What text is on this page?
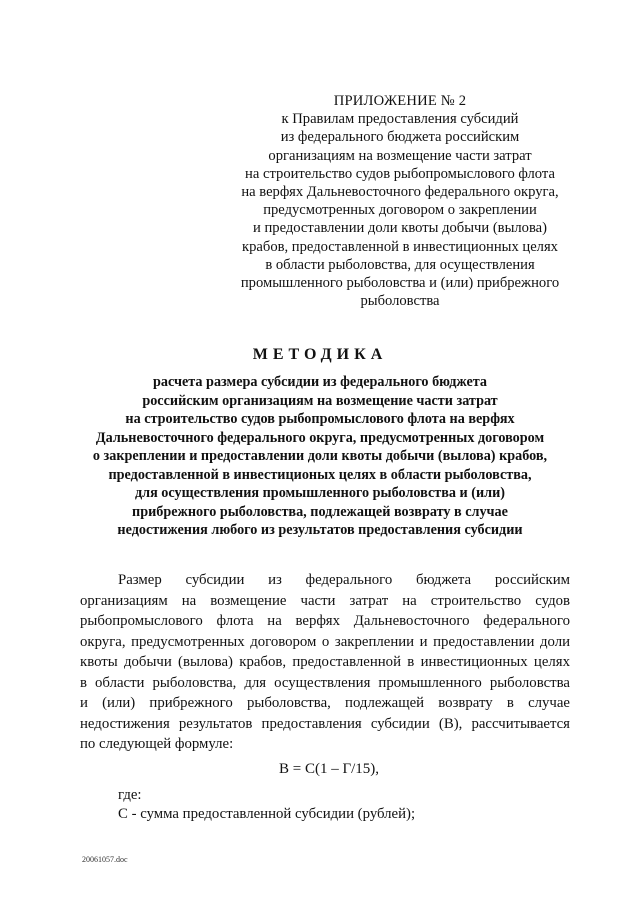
ПРИЛОЖЕНИЕ № 2
к Правилам предоставления субсидий
из федерального бюджета российским
организациям на возмещение части затрат
на строительство судов рыбопромыслового флота
на верфях Дальневосточного федерального округа,
предусмотренных договором о закреплении
и предоставлении доли квоты добычи (вылова)
крабов, предоставленной в инвестиционных целях
в области рыболовства, для осуществления
промышленного рыболовства и (или) прибрежного
рыболовства
МЕТОДИКА
расчета размера субсидии из федерального бюджета
российским организациям на возмещение части затрат
на строительство судов рыбопромыслового флота на верфях
Дальневосточного федерального округа, предусмотренных договором
о закреплении и предоставлении доли квоты добычи (вылова) крабов,
предоставленной в инвестиционых целях в области рыболовства,
для осуществления промышленного рыболовства и (или)
прибрежного рыболовства, подлежащей возврату в случае
недостижения любого из результатов предоставления субсидии
Размер субсидии из федерального бюджета российским
организациям на возмещение части затрат на строительство судов
рыбопромыслового флота на верфях Дальневосточного федерального
округа, предусмотренных договором о закреплении и предоставлении доли
квоты добычи (вылова) крабов, предоставленной в инвестиционных целях
в области рыболовства, для осуществления промышленного рыболовства
и (или) прибрежного рыболовства, подлежащей возврату в случае
недостижения результатов предоставления субсидии (В), рассчитывается
по следующей формуле:
В = С(1 – Г/15),
где:
С - сумма предоставленной субсидии (рублей);
20061057.doc
